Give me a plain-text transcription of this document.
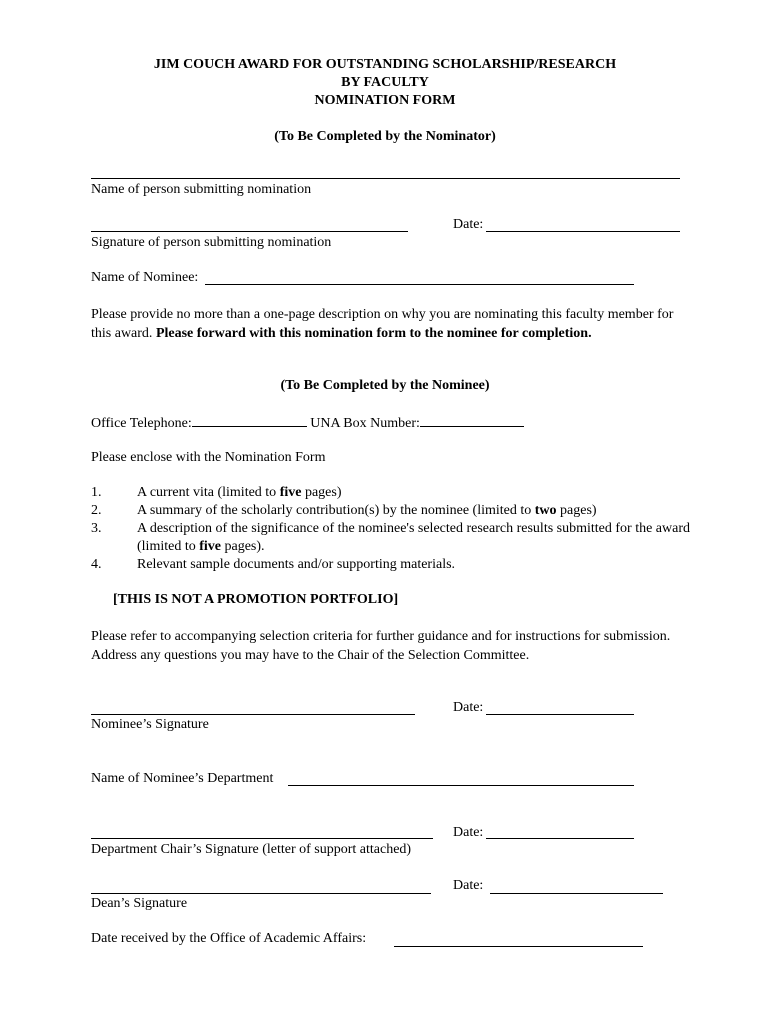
JIM COUCH AWARD FOR OUTSTANDING SCHOLARSHIP/RESEARCH
BY FACULTY
NOMINATION FORM
(To Be Completed by the Nominator)
Name of person submitting nomination
Date:
Signature of person submitting nomination
Name of Nominee:
Please provide no more than a one-page description on why you are nominating this faculty member for this award. Please forward with this nomination form to the nominee for completion.
(To Be Completed by the Nominee)
Office Telephone:	UNA Box Number:
Please enclose with the Nomination Form
1.	A current vita (limited to five pages)
2.	A summary of the scholarly contribution(s) by the nominee (limited to two pages)
3.	A description of the significance of the nominee's selected research results submitted for the award (limited to five pages).
4.	Relevant sample documents and/or supporting materials.
[THIS IS NOT A PROMOTION PORTFOLIO]
Please refer to accompanying selection criteria for further guidance and for instructions for submission. Address any questions you may have to the Chair of the Selection Committee.
Date:
Nominee’s Signature
Name of Nominee’s Department
Date:
Department Chair’s Signature (letter of support attached)
Date:
Dean’s Signature
Date received by the Office of Academic Affairs:
